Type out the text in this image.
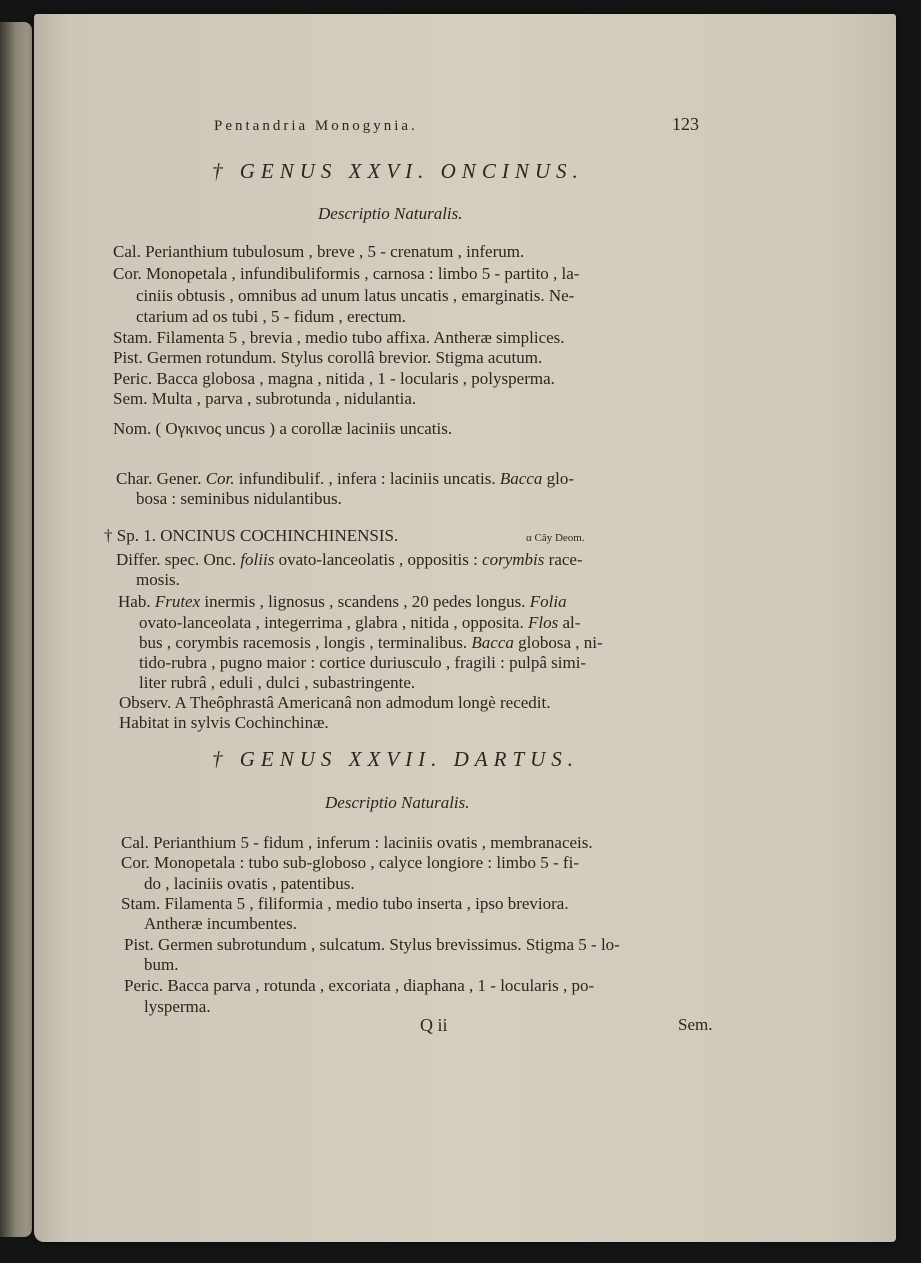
Pentandria Monogynia.	123
† GENUS XXVI. ONCINUS.
Descriptio Naturalis.
Cal. Perianthium tubulosum , breve , 5 - crenatum , inferum.
Cor. Monopetala , infundibuliformis , carnosa : limbo 5 - partito , la-
ciniis obtusis , omnibus ad unum latus uncatis , emarginatis. Ne-
ctarium ad os tubi , 5 - fidum , erectum.
Stam. Filamenta 5 , brevia , medio tubo affixa. Antheræ simplices.
Pist. Germen rotundum. Stylus corollâ brevior. Stigma acutum.
Peric. Bacca globosa , magna , nitida , 1 - locularis , polysperma.
Sem. Multa , parva , subrotunda , nidulantia.
Nom. ( Ογκινος uncus ) a corollæ laciniis uncatis.
Char. Gener. Cor. infundibulif. , infera : laciniis uncatis. Bacca glo-
bosa : seminibus nidulantibus.
† Sp. 1. ONCINUS COCHINCHINENSIS.	α Cây Deom.
Differ. spec. Onc. foliis ovato-lanceolatis , oppositis : corymbis race-
mosis.
Hab. Frutex inermis , lignosus , scandens , 20 pedes longus. Folia
ovato-lanceolata , integerrima , glabra , nitida , opposita. Flos al-
bus , corymbis racemosis , longis , terminalibus. Bacca globosa , ni-
tido-rubra , pugno maior : cortice duriusculo , fragili : pulpâ simi-
liter rubrâ , eduli , dulci , subastringente.
Observ. A Theôphrastâ Americanâ non admodum longè recedit.
Habitat in sylvis Cochinchinæ.
† GENUS XXVII. DARTUS.
Descriptio Naturalis.
Cal. Perianthium 5 - fidum , inferum : laciniis ovatis , membranaceis.
Cor. Monopetala : tubo sub-globoso , calyce longiore : limbo 5 - fi-
do , laciniis ovatis , patentibus.
Stam. Filamenta 5 , filiformia , medio tubo inserta , ipso breviora.
Antheræ incumbentes.
Pist. Germen subrotundum , sulcatum. Stylus brevissimus. Stigma 5 - lo-
bum.
Peric. Bacca parva , rotunda , excoriata , diaphana , 1 - locularis , po-
lysperma.
Q ii	Sem.
